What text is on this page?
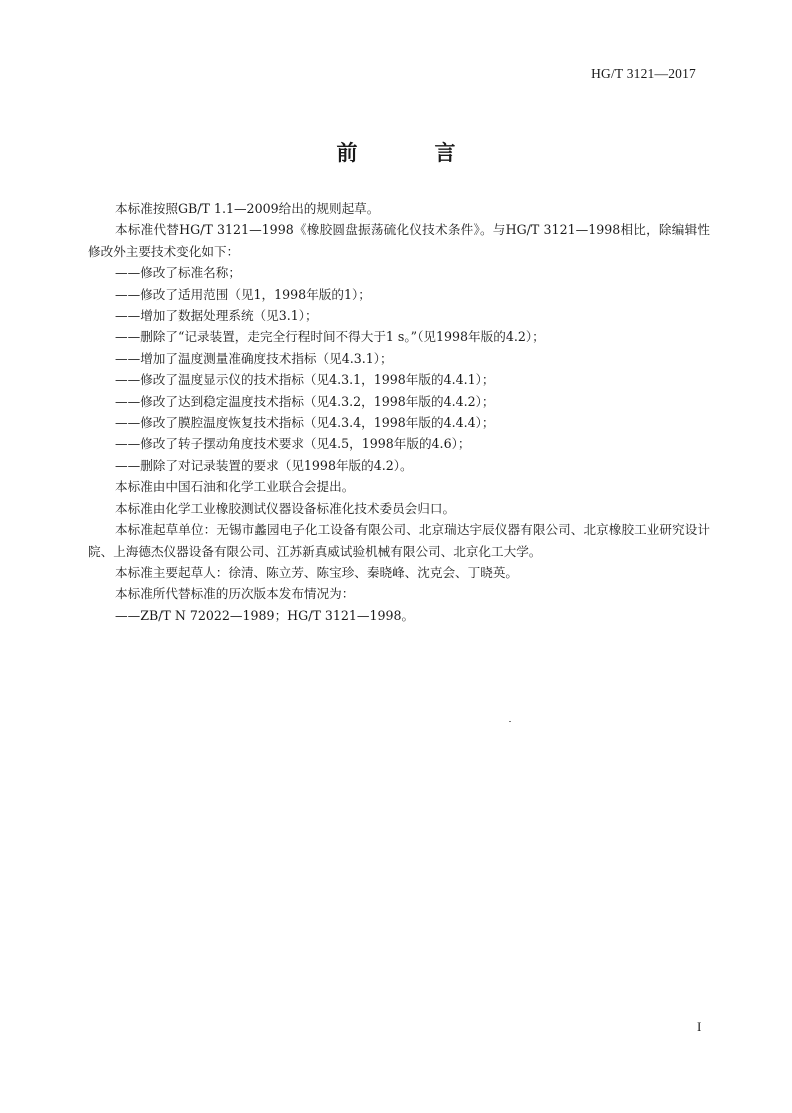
HG/T 3121—2017
前　言

本标准按照GB/T 1.1—2009给出的规则起草。

本标准代替HG/T 3121—1998《橡胶圆盘振荡硫化仪技术条件》。与HG/T 3121—1998相比，除编辑性修改外主要技术变化如下：

——修改了标准名称；

——修改了适用范围（见1，1998年版的1）；

——增加了数据处理系统（见3.1）；

——删除了“记录装置，走完全行程时间不得大于1 s。”（见1998年版的4.2）；

——增加了温度测量准确度技术指标（见4.3.1）；

——修改了温度显示仪的技术指标（见4.3.1，1998年版的4.4.1）；

——修改了达到稳定温度技术指标（见4.3.2，1998年版的4.4.2）；

——修改了膜腔温度恢复技术指标（见4.3.4，1998年版的4.4.4）；

——修改了转子摆动角度技术要求（见4.5，1998年版的4.6）；

——删除了对记录装置的要求（见1998年版的4.2）。

本标准由中国石油和化学工业联合会提出。

本标准由化学工业橡胶测试仪器设备标准化技术委员会归口。

本标准起草单位：无锡市蠡园电子化工设备有限公司、北京瑞达宇辰仪器有限公司、北京橡胶工业研究设计院、上海德杰仪器设备有限公司、江苏新真威试验机械有限公司、北京化工大学。

本标准主要起草人：徐清、陈立芳、陈宝珍、秦晓峰、沈克会、丁晓英。

本标准所代替标准的历次版本发布情况为：

——ZB/T N 72022—1989；HG/T 3121—1998。

I
